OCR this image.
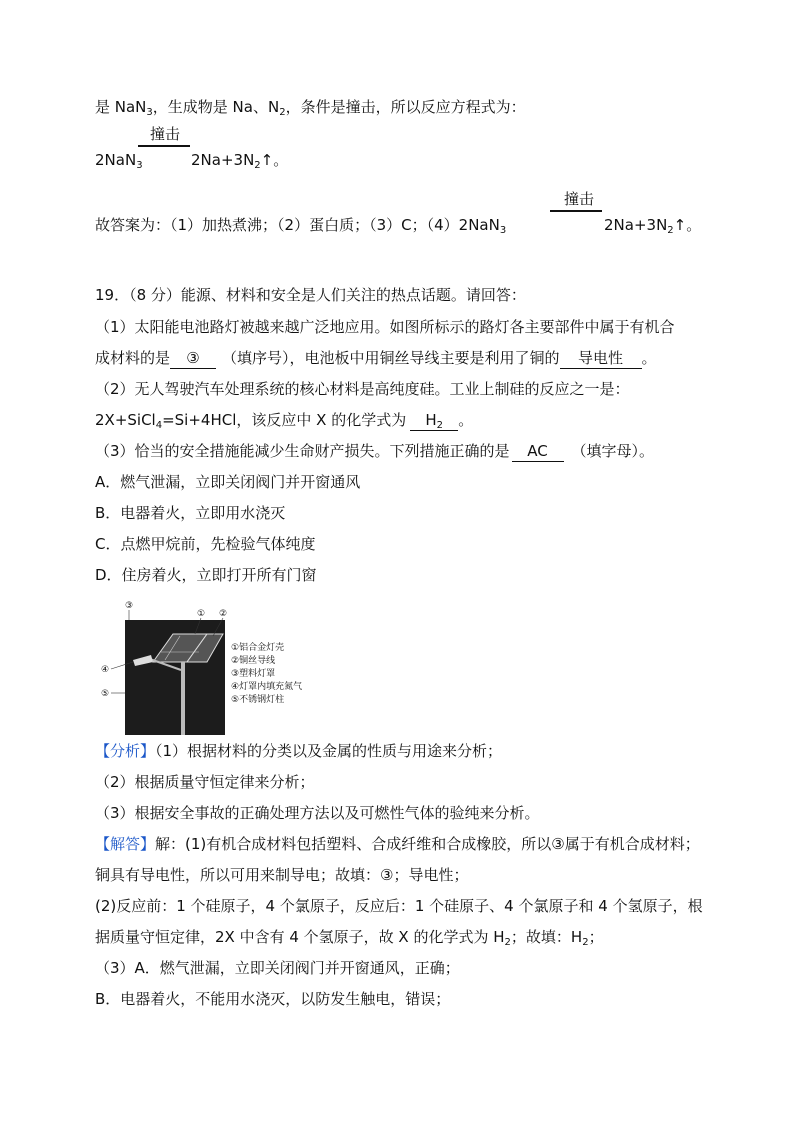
是 NaN$_3$，生成物是 Na、$N_2$，条件是撞击，所以反应方程式为：
撞击
2NaN$_3$	$2Na+3N_2↑$。
撞击
故答案为：（1）加热煮沸；（2）蛋白质；（3）C；（4）2NaN$_3$	$2Na+3N_2↑$。
19．（8 分）能源、材料和安全是人们关注的热点话题。请回答：
（1）太阳能电池路灯被越来越广泛地应用。如图所标示的路灯各主要部件中属于有机合
成材料的是 ③ （填序号），电池板中用铜丝导线主要是利用了铜的 导电性 。
（2）无人驾驶汽车处理系统的核心材料是高纯度硅。工业上制硅的反应之一是：
2X+SiCl$_4$=Si+4HCl，该反应中 X 的化学式为 $H_2$ 。
（3）恰当的安全措施能减少生命财产损失。下列措施正确的是 AC （填字母）。
A．燃气泄漏，立即关闭阀门并开窗通风
B．电器着火，立即用水浇灭
C．点燃甲烷前，先检验气体纯度
D．住房着火，立即打开所有门窗
③
① ②
④
⑤
①铝合金灯壳
②铜丝导线
③塑料灯罩
④灯罩内填充氮气
⑤不锈钢灯柱
【分析】（1）根据材料的分类以及金属的性质与用途来分析；
（2）根据质量守恒定律来分析；
（3）根据安全事故的正确处理方法以及可燃性气体的验纯来分析。
【解答】解：(1)有机合成材料包括塑料、合成纤维和合成橡胶，所以③属于有机合成材料；
铜具有导电性，所以可用来制导电；故填：③；导电性；
(2)反应前：1 个硅原子，4 个氯原子，反应后：1 个硅原子、4 个氯原子和 4 个氢原子，根
据质量守恒定律，2X 中含有 4 个氢原子，故 X 的化学式为 $H_2$；故填：$H_2$；
（3）A．燃气泄漏，立即关闭阀门并开窗通风，正确；
B．电器着火，不能用水浇灭，以防发生触电，错误；
